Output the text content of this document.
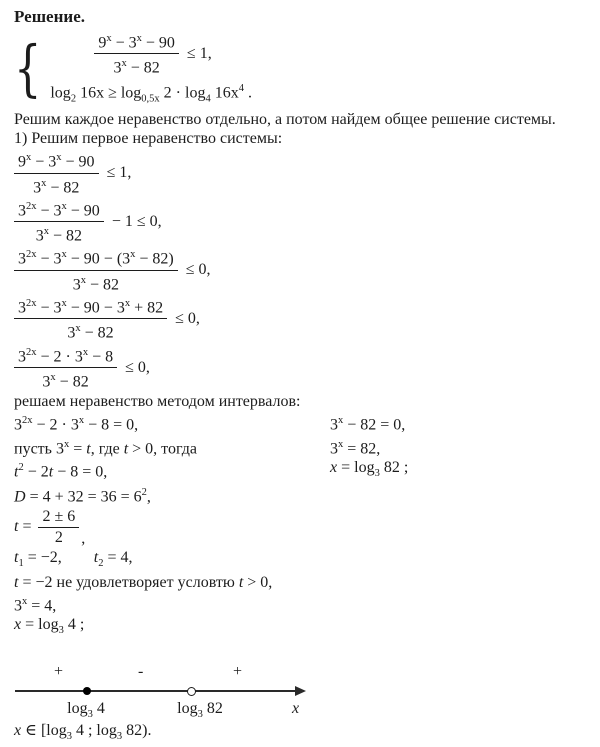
Решение.
{	$\frac{9^x - 3^x - 90}{3^x - 82} \le 1$,
$\log_2 16x \ge \log_{0,5x} 2 \cdot \log_4 16x^4$ .
Решим каждое неравенство отдельно, а потом найдем общее решение системы.
1) Решим первое неравенство системы:
$\frac{9^x - 3^x - 90}{3^x - 82} \le 1$,
$\frac{3^{2x} - 3^x - 90}{3^x - 82} - 1 \le 0$,
$\frac{3^{2x} - 3^x - 90 - (3^x - 82)}{3^x - 82} \le 0$,
$\frac{3^{2x} - 3^x - 90 - 3^x + 82}{3^x - 82} \le 0$,
$\frac{3^{2x} - 2 \cdot 3^x - 8}{3^x - 82} \le 0$,
решаем неравенство методом интервалов:
$3^{2x} - 2 \cdot 3^x - 8 = 0$,	$3^x - 82 = 0$,
пусть $3^x = t$, где t > 0, тогда	$3^x = 82$,
$t^2 - 2t - 8 = 0$,	$x = \log_3 82$ ;
$D = 4 + 32 = 36 = 6^2$,
$t = \frac{2 \pm 6}{2}$ ,
$t_1 = -2$,  $t_2 = 4$,
t = −2 не удовлетворяет условтю t > 0,
$3^x = 4$,
$x = \log_3 4$ ;
+	-	+
$\log_3 4$	$\log_3 82$	x
x ∈ [$\log_3$ 4 ; $\log_3 82$).
